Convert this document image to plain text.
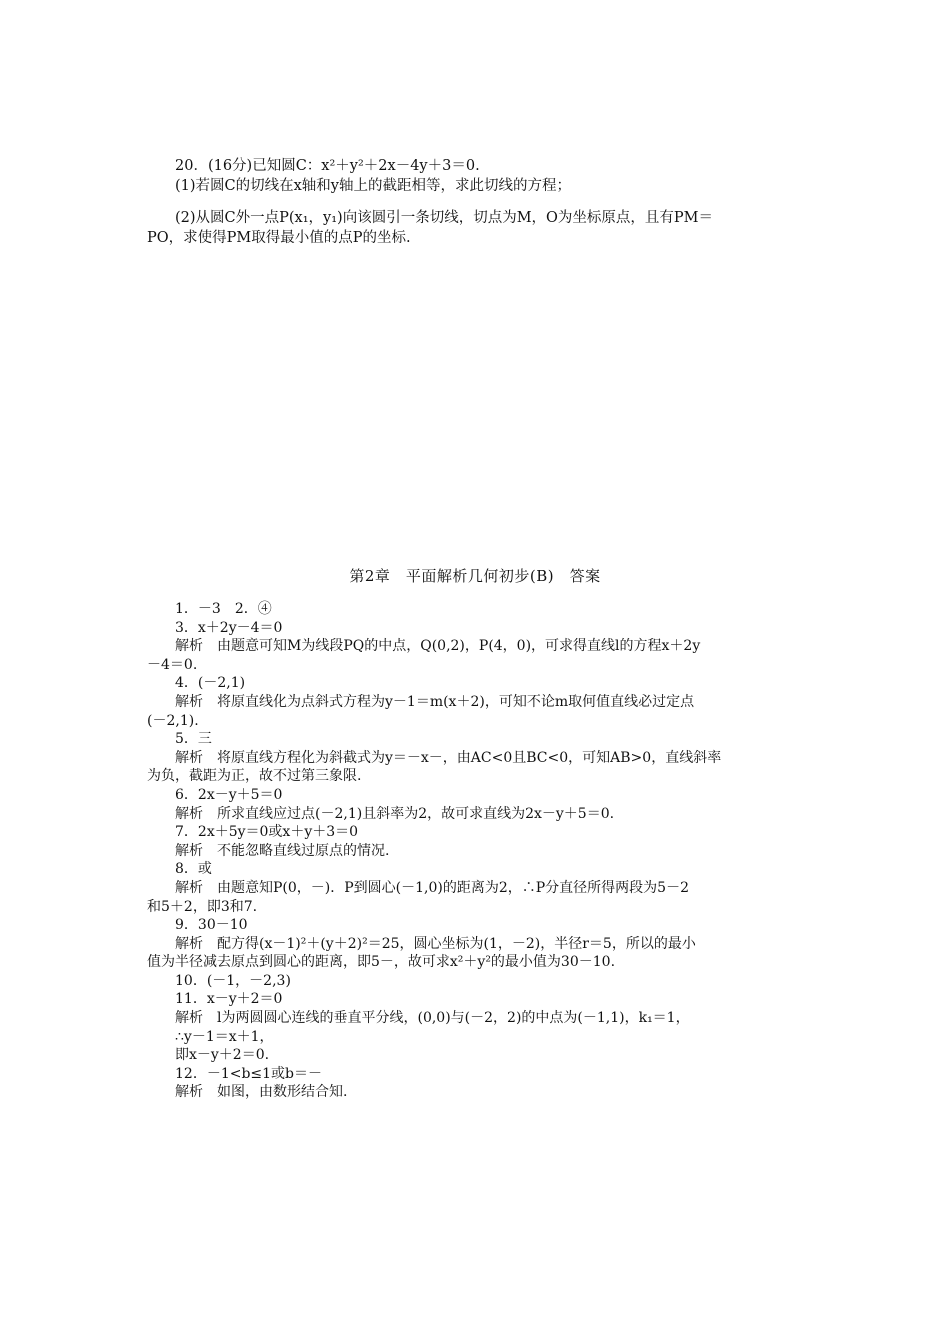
20．(16分)已知圆C：x²＋y²＋2x－4y＋3＝0.

(1)若圆C的切线在x轴和y轴上的截距相等，求此切线的方程；

(2)从圆C外一点P(x₁，y₁)向该圆引一条切线，切点为M，O为坐标原点，且有PM＝

PO，求使得PM取得最小值的点P的坐标.

第2章　平面解析几何初步(B)　答案

1．－3　2．④

3．x＋2y－4＝0

解析　由题意可知M为线段PQ的中点，Q(0,2)，P(4，0)，可求得直线l的方程x＋2y

－4＝0.

4．(－2,1)

解析　将原直线化为点斜式方程为y－1＝m(x＋2)，可知不论m取何值直线必过定点

(－2,1).

5．三

解析　将原直线方程化为斜截式为y＝－x－，由AC<0且BC<0，可知AB>0，直线斜率

为负，截距为正，故不过第三象限.

6．2x－y＋5＝0

解析　所求直线应过点(－2,1)且斜率为2，故可求直线为2x－y＋5＝0.

7．2x＋5y＝0或x＋y＋3＝0

解析　不能忽略直线过原点的情况.

8．或

解析　由题意知P(0，－)．P到圆心(－1,0)的距离为2，∴P分直径所得两段为5－2

和5＋2，即3和7.

9．30－10

解析　配方得(x－1)²＋(y＋2)²＝25，圆心坐标为(1，－2)，半径r＝5，所以的最小

值为半径减去原点到圆心的距离，即5－，故可求x²＋y²的最小值为30－10.

10．(－1，－2,3)

11．x－y＋2＝0

解析　l为两圆圆心连线的垂直平分线，(0,0)与(－2，2)的中点为(－1,1)，k₁＝1，

∴y－1＝x＋1，

即x－y＋2＝0.

12．－1<b≤1或b＝－

解析　如图，由数形结合知.
